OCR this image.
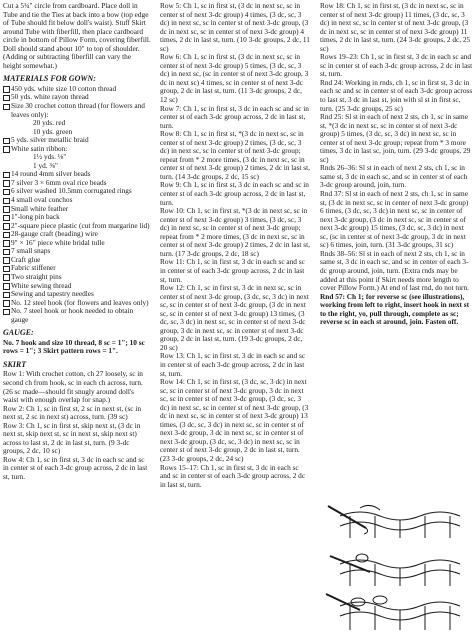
Cut a 5¾" circle from cardboard. Place doll in Tube and tie the Ties at back into a bow (top edge of Tube should fit below doll's waist). Stuff Skirt around Tube with fiberfill, then place cardboard circle in bottom of Pillow Form, covering fiberfill. Doll should stand about 10" to top of shoulder. (Adding or subtracting fiberfill can vary the height somewhat.)

MATERIALS FOR GOWN:
450 yds. white size 10 cotton thread
50 yds. white rayon thread
Size 30 crochet cotton thread (for flowers and leaves only):
20 yds. red
10 yds. green
5 yds. silver metallic braid
White satin ribbon:
1½ yds. ⅛"
1 yd. ⅜"
14 round 4mm silver beads
7 silver 3 × 6mm oval rice beads
6 silver washed 10.5mm corrugated rings
4 small oval conchos
Small white feather
1"-long pin back
2"-square piece plastic (cut from margarine lid)
28-gauge craft (beading) wire
9" × 16" piece white bridal tulle
7 small snaps
Craft glue
Fabric stiffener
Two straight pins
White sewing thread
Sewing and tapestry needles
No. 12 steel hook (for flowers and leaves only)
No. 7 steel hook or hook needed to obtain gauge
GAUGE:

No. 7 hook and size 10 thread, 8 sc = 1"; 10 sc rows = 1"; 3 Skirt pattern rows = 1".

SKIRT

Row 1: With crochet cotton, ch 27 loosely, sc in second ch from hook, sc in each ch across, turn. (26 sc made—should fit snugly around doll's waist with enough overlap for snap.)

Row 2: Ch 1, sc in first st, 2 sc in next st, (sc in next st, 2 sc in next st) across, turn. (39 sc)

Row 3: Ch 1, sc in first st, skip next st, (3 dc in next st, skip next st, sc in next st, skip next st) across to last st, 2 dc in last st, turn. (9 3-dc groups, 2 dc, 10 sc)

Row 4: Ch 1, sc in first st, 3 dc in each sc and sc in center st of each 3-dc group across, 2 dc in last st, turn.

Row 5: Ch 1, sc in first st, (3 dc in next sc, sc in center st of next 3-dc group) 4 times, (3 dc, sc, 3 dc) in next sc, sc in center st of next 3-dc group, (3 dc in next sc, sc in center st of next 3-dc group) 4 times, 2 dc in last st, turn. (10 3-dc groups, 2 dc, 11 sc)

Row 6: Ch 1, sc in first st, (3 dc in next sc, sc in center st of next 3-dc group) 5 times, (3 dc, sc, 3 dc) in next sc, (sc in center st of next 3-dc group, 3 dc in next sc) 4 times, sc in center st of next 3-dc group, 2 dc in last st, turn. (11 3-dc groups, 2 dc, 12 sc)

Row 7: Ch 1, sc in first st, 3 dc in each sc and sc in center st of each 3-dc group across, 2 dc in last st, turn.

Row 8: Ch 1, sc in first st, *(3 dc in next sc, sc in center st of next 3-dc group) 2 times, (3 dc, sc, 3 dc) in next sc, sc in center st of next 3-dc group; repeat from * 2 more times, (3 dc in next sc, sc in center st of next 3-dc group) 2 times, 2 dc in last st, turn. (14 3-dc groups, 2 dc, 15 sc)

Row 9: Ch 1, sc in first st, 3 dc in each sc and sc in center st of each 3-dc group across, 2 dc in last st, turn.

Row 10: Ch 1, sc in first st, *(3 dc in next sc, sc in center st of next 3-dc group) 3 times, (3 dc, sc, 3 dc) in next sc, sc in center st of next 3-dc group; repeat from * 2 more times, (3 dc in next sc, sc in center st of next 3-dc group) 2 times, 2 dc in last st, turn. (17 3-dc groups, 2 dc, 18 sc)

Row 11: Ch 1, sc in first st, 3 dc in each sc and sc in center st of each 3-dc group across, 2 dc in last st, turn.

Row 12: Ch 1, sc in first st, 3 dc in next sc, sc in center st of next 3-dc group, (3 dc, sc, 3 dc) in next sc, sc in center st of next 3-dc group, (3 dc in next sc, sc in center st of next 3-dc group) 13 times, (3 dc, sc, 3 dc) in next sc, sc in center st of next 3-dc group, 3 dc in next sc, sc in center st of next 3-dc group, 2 dc in last st, turn. (19 3-dc groups, 2 dc, 20 sc)

Row 13: Ch 1, sc in first st, 3 dc in each sc and sc in center st of each 3-dc group across, 2 dc in last st, turn.

Row 14: Ch 1, sc in first st, (3 dc, sc, 3 dc) in next sc, sc in center st of next 3-dc group, 3 dc in next sc, sc in center st of next 3-dc group, (3 dc, sc, 3 dc) in next sc, sc in center st of next 3-dc group, (3 dc in next sc, sc in center st of next 3-dc group) 13 times, (3 dc, sc, 3 dc) in next sc, sc in center st of next 3-dc group, 3 dc in next sc, sc in center st of next 3-dc group, (3 dc, sc, 3 dc) in next sc, sc in center st of next 3-dc group, 2 dc in last st, turn. (23 3-dc groups, 2 dc, 24 sc)

Rows 15–17: Ch 1, sc in first st, 3 dc in each sc and sc in center st of each 3-dc group across, 2 dc in last st, turn.

Row 18: Ch 1, sc in first st, (3 dc in next sc, sc in center st of next 3-dc group) 11 times, (3 dc, sc, 3 dc) in next sc, sc in center st of next 3-dc group, (3 dc in next sc, sc in center st of next 3-dc group) 11 times, 2 dc in last st, turn. (24 3-dc groups, 2 dc, 25 sc)

Rows 19–23: Ch 1, sc in first st, 3 dc in each sc and sc in center st of each 3-dc group across, 2 dc in last st, turn.

Rnd 24: Working in rnds, ch 1, sc in first st, 3 dc in each sc and sc in center st of each 3-dc group across to last st, 3 dc in last st, join with sl st in first sc, turn. (25 3-dc groups, 25 sc)

Rnd 25: Sl st in each of next 2 sts, ch 1, sc in same st, *(3 dc in next sc, sc in center st of next 3-dc group) 5 times, (3 dc, sc, 3 dc) in next sc, sc in center st of next 3-dc group; repeat from * 3 more times, 3 dc in last sc, join, turn. (29 3-dc groups, 29 sc)

Rnds 26–36: Sl st in each of next 2 sts, ch 1, sc in same st, 3 dc in each sc, and sc in center st of each 3-dc group around, join, turn.

Rnd 37: Sl st in each of next 2 sts, ch 1, sc in same st, (3 dc in next sc, sc in center of next 3-dc group) 6 times, (3 dc, sc, 3 dc) in next sc, sc in center of next 3-dc group, (3 dc in next sc, sc in center st of next 3-dc group) 15 times, (3 dc, sc, 3 dc) in next sc, (sc in center st of next 3-dc group, 3 dc in next sc) 6 times, join, turn. (31 3-dc groups, 31 sc)

Rnds 38–56: Sl st in each of next 2 sts, ch 1, sc in same st, 3 dc in each sc, and sc in center of each 3-dc group around, join, turn. (Extra rnds may be added at this point if Skirt needs more length to cover Pillow Form.) At end of last rnd, do not turn.

Rnd 57: Ch 1; for reverse sc (see illustrations), working from left to right, insert hook in next st to the right, yo, pull through, complete as sc; reverse sc in each st around, join. Fasten off.
